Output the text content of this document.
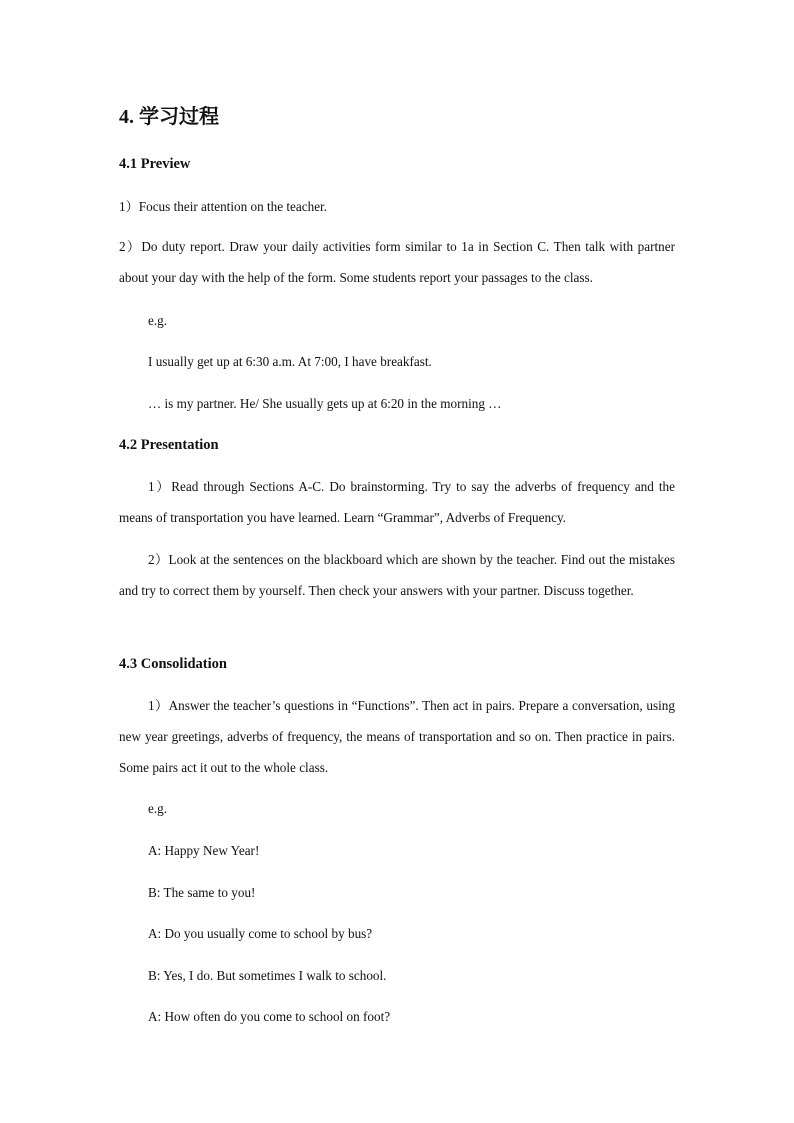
4. 学习过程
4.1 Preview
1）Focus their attention on the teacher.
2）Do duty report. Draw your daily activities form similar to 1a in Section C. Then talk with partner about your day with the help of the form. Some students report your passages to the class.
e.g.
I usually get up at 6:30 a.m. At 7:00, I have breakfast.
… is my partner. He/ She usually gets up at 6:20 in the morning …
4.2 Presentation
1）Read through Sections A-C. Do brainstorming. Try to say the adverbs of frequency and the means of transportation you have learned. Learn “Grammar”, Adverbs of Frequency.
2）Look at the sentences on the blackboard which are shown by the teacher. Find out the mistakes and try to correct them by yourself. Then check your answers with your partner. Discuss together.
4.3 Consolidation
1）Answer the teacher’s questions in “Functions”. Then act in pairs. Prepare a conversation, using new year greetings, adverbs of frequency, the means of transportation and so on. Then practice in pairs. Some pairs act it out to the whole class.
e.g.
A: Happy New Year!
B: The same to you!
A: Do you usually come to school by bus?
B: Yes, I do. But sometimes I walk to school.
A: How often do you come to school on foot?
